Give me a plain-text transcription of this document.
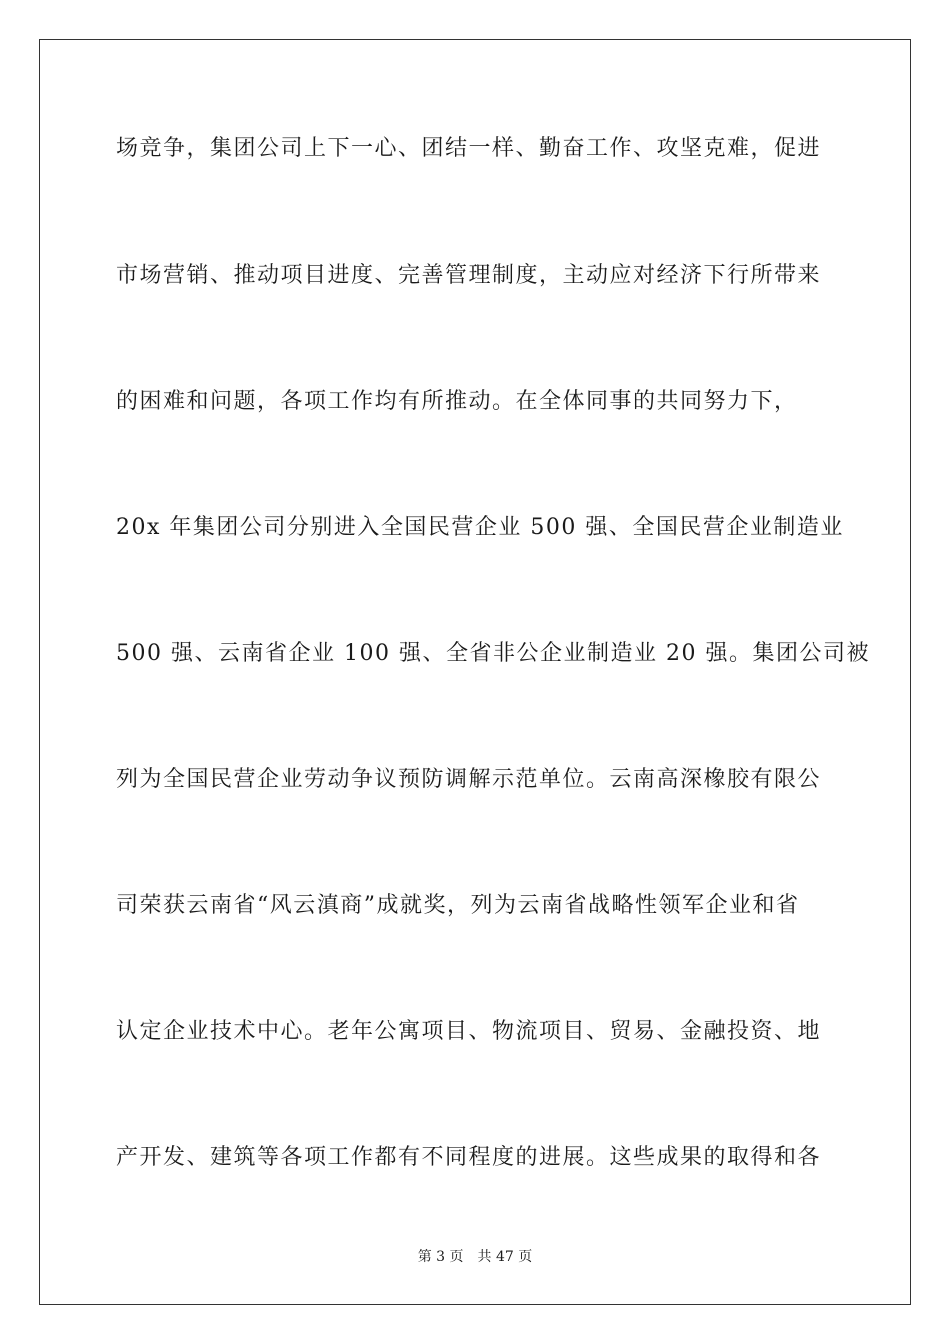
场竞争，集团公司上下一心、团结一样、勤奋工作、攻坚克难，促进
市场营销、推动项目进度、完善管理制度，主动应对经济下行所带来
的困难和问题，各项工作均有所推动。在全体同事的共同努力下，
20x 年集团公司分别进入全国民营企业 500 强、全国民营企业制造业
500 强、云南省企业 100 强、全省非公企业制造业 20 强。集团公司被
列为全国民营企业劳动争议预防调解示范单位。云南高深橡胶有限公
司荣获云南省“风云滇商”成就奖，列为云南省战略性领军企业和省
认定企业技术中心。老年公寓项目、物流项目、贸易、金融投资、地
产开发、建筑等各项工作都有不同程度的进展。这些成果的取得和各
第 3 页 共 47 页
